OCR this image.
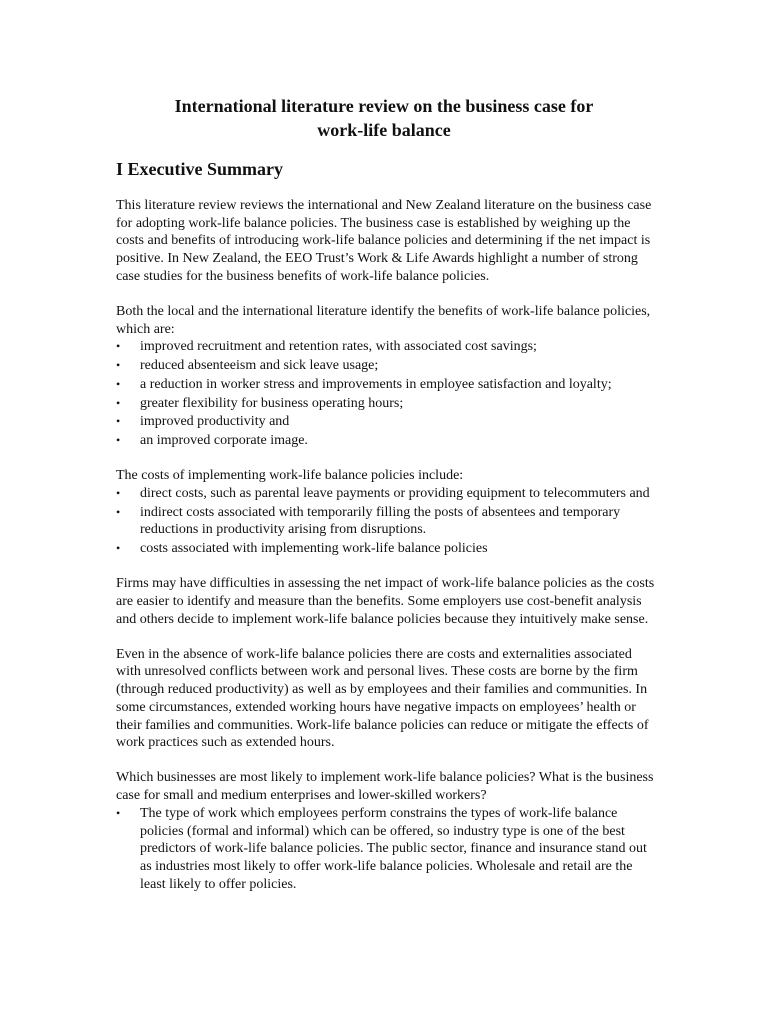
International literature review on the business case for
work-life balance
I Executive Summary

This literature review reviews the international and New Zealand literature on the business case for adopting work-life balance policies. The business case is established by weighing up the costs and benefits of introducing work-life balance policies and determining if the net impact is positive. In New Zealand, the EEO Trust’s Work & Life Awards highlight a number of strong case studies for the business benefits of work-life balance policies.

Both the local and the international literature identify the benefits of work-life balance policies, which are:

•	improved recruitment and retention rates, with associated cost savings;
•	reduced absenteeism and sick leave usage;
•	a reduction in worker stress and improvements in employee satisfaction and loyalty;
•	greater flexibility for business operating hours;
•	improved productivity and
•	an improved corporate image.

The costs of implementing work-life balance policies include:

•	direct costs, such as parental leave payments or providing equipment to telecommuters and
•	indirect costs associated with temporarily filling the posts of absentees and temporary reductions in productivity arising from disruptions.
•	costs associated with implementing work-life balance policies

Firms may have difficulties in assessing the net impact of work-life balance policies as the costs are easier to identify and measure than the benefits. Some employers use cost-benefit analysis and others decide to implement work-life balance policies because they intuitively make sense.

Even in the absence of work-life balance policies there are costs and externalities associated with unresolved conflicts between work and personal lives. These costs are borne by the firm (through reduced productivity) as well as by employees and their families and communities. In some circumstances, extended working hours have negative impacts on employees’ health or their families and communities. Work-life balance policies can reduce or mitigate the effects of work practices such as extended hours.

Which businesses are most likely to implement work-life balance policies? What is the business case for small and medium enterprises and lower-skilled workers?

•	The type of work which employees perform constrains the types of work-life balance policies (formal and informal) which can be offered, so industry type is one of the best predictors of work-life balance policies. The public sector, finance and insurance stand out as industries most likely to offer work-life balance policies. Wholesale and retail are the least likely to offer policies.
